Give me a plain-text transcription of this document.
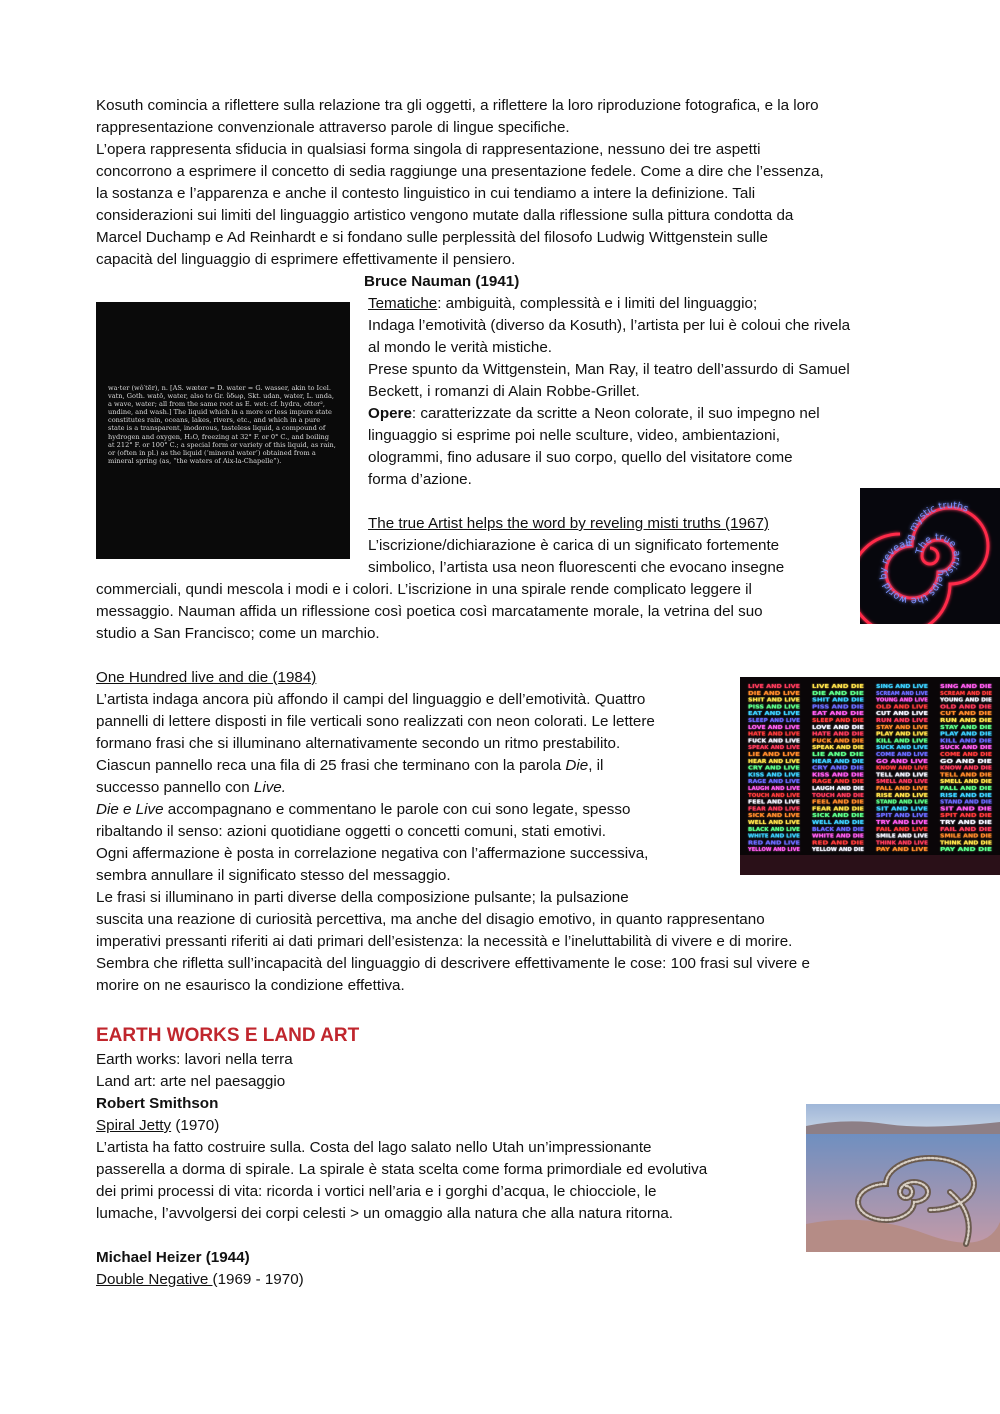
Kosuth comincia a riflettere sulla relazione tra gli oggetti, a riflettere la loro riproduzione fotografica, e la loro
rappresentazione convenzionale attraverso parole di lingue specifiche.
L’opera rappresenta sfiducia in qualsiasi forma singola di rappresentazione, nessuno dei tre aspetti
concorrono a esprimere il concetto di sedia raggiunge una presentazione fedele. Come a dire che l’essenza,
la sostanza e l’apparenza e anche il contesto linguistico in cui tendiamo a intere la definizione. Tali
considerazioni sui limiti del linguaggio artistico vengono mutate dalla riflessione sulla pittura condotta da
Marcel Duchamp e Ad Reinhardt e si fondano sulle perplessità del filosofo Ludwig Wittgenstein sulle
capacità del linguaggio di esprimere effettivamente il pensiero.
wa·ter (wô′tẽr), n. [AS. wæter = D. water = G. wasser, akin to Icel. vatn, Goth. watō, water, also to Gr. ὕδωρ, Skt. udan, water, L. unda, a wave, water; all from the same root as E. wet: cf. hydra, otter², undine, and wash.] The liquid which in a more or less impure state constitutes rain, oceans, lakes, rivers, etc., and which in a pure state is a transparent, inodorous, tasteless liquid, a compound of hydrogen and oxygen, H₂O, freezing at 32° F. or 0° C., and boiling at 212° F. or 100° C.; a special form or variety of this liquid, as rain, or (often in pl.) as the liquid (‘mineral water’) obtained from a mineral spring (as, “the waters of Aix-la-Chapelle”).
Bruce Nauman (1941)
Tematiche: ambiguità, complessità e i limiti del linguaggio;
Indaga l’emotività (diverso da Kosuth), l’artista per lui è coloui che rivela
al mondo le verità mistiche.
Prese spunto da Wittgenstein, Man Ray, il teatro dell’assurdo di Samuel
Beckett, i romanzi di Alain Robbe-Grillet.
Opere: caratterizzate da scritte a Neon colorate, il suo impegno nel
linguaggio si esprime poi nelle sculture, video, ambientazioni,
ologrammi, fino adusare il suo corpo, quello del visitatore come
forma d’azione.
The true Artist helps the word by reveling misti truths (1967)
L’iscrizione/dichiarazione è carica di un significato fortemente
simbolico, l’artista usa neon fluorescenti che evocano insegne
commerciali, qundi mescola i modi e i colori. L’iscrizione in una spirale rende complicato leggere il
messaggio. Nauman affida un riflessione così poetica così marcatamente morale, la vetrina del suo
studio a San Francisco; come un marchio.
The true artist helps the world by revealing mystic truths
One Hundred live and die (1984)
L’artista indaga ancora più affondo il campi del linguaggio e dell’emotività. Quattro
pannelli di lettere disposti in file verticali sono realizzati con neon colorati. Le lettere
formano frasi che si illuminano alternativamente secondo un ritmo prestabilito.
Ciascun pannello reca una fila di 25 frasi che terminano con la parola Die, il
successo pannello con Live.
Die e Live accompagnano e commentano le parole con cui sono legate, spesso
ribaltando il senso: azioni quotidiane oggetti o concetti comuni, stati emotivi.
Ogni affermazione è posta in correlazione negativa con l’affermazione successiva,
sembra annullare il significato stesso del messaggio.
Le frasi si illuminano in parti diverse della composizione pulsante; la pulsazione
suscita una reazione di curiosità percettiva, ma anche del disagio emotivo, in quanto rappresentano
imperativi pressanti riferiti ai dati primari dell’esistenza: la necessità e l’ineluttabilità di vivere e di morire.
Sembra che rifletta sull’incapacità del linguaggio di descrivere effettivamente le cose: 100 frasi sul vivere e
morire on ne esaurisco la condizione effettiva.
LIVE AND LIVE
DIE AND LIVE
SHIT AND LIVE
PISS AND LIVE
EAT AND LIVE
SLEEP AND LIVE
LOVE AND LIVE
HATE AND LIVE
FUCK AND LIVE
SPEAK AND LIVE
LIE AND LIVE
HEAR AND LIVE
CRY AND LIVE
KISS AND LIVE
RAGE AND LIVE
LAUGH AND LIVE
TOUCH AND LIVE
FEEL AND LIVE
FEAR AND LIVE
SICK AND LIVE
WELL AND LIVE
BLACK AND LIVE
WHITE AND LIVE
RED AND LIVE
YELLOW AND LIVE
LIVE AND DIE
DIE AND DIE
SHIT AND DIE
PISS AND DIE
EAT AND DIE
SLEEP AND DIE
LOVE AND DIE
HATE AND DIE
FUCK AND DIE
SPEAK AND DIE
LIE AND DIE
HEAR AND DIE
CRY AND DIE
KISS AND DIE
RAGE AND DIE
LAUGH AND DIE
TOUCH AND DIE
FEEL AND DIE
FEAR AND DIE
SICK AND DIE
WELL AND DIE
BLACK AND DIE
WHITE AND DIE
RED AND DIE
YELLOW AND DIE
SING AND LIVE
SCREAM AND LIVE
YOUNG AND LIVE
OLD AND LIVE
CUT AND LIVE
RUN AND LIVE
STAY AND LIVE
PLAY AND LIVE
KILL AND LIVE
SUCK AND LIVE
COME AND LIVE
GO AND LIVE
KNOW AND LIVE
TELL AND LIVE
SMELL AND LIVE
FALL AND LIVE
RISE AND LIVE
STAND AND LIVE
SIT AND LIVE
SPIT AND LIVE
TRY AND LIVE
FAIL AND LIVE
SMILE AND LIVE
THINK AND LIVE
PAY AND LIVE
SING AND DIE
SCREAM AND DIE
YOUNG AND DIE
OLD AND DIE
CUT AND DIE
RUN AND DIE
STAY AND DIE
PLAY AND DIE
KILL AND DIE
SUCK AND DIE
COME AND DIE
GO AND DIE
KNOW AND DIE
TELL AND DIE
SMELL AND DIE
FALL AND DIE
RISE AND DIE
STAND AND DIE
SIT AND DIE
SPIT AND DIE
TRY AND DIE
FAIL AND DIE
SMILE AND DIE
THINK AND DIE
PAY AND DIE
EARTH WORKS E LAND ART
Earth works: lavori nella terra
Land art: arte nel paesaggio
Robert Smithson
Spiral Jetty (1970)
L’artista ha fatto costruire sulla. Costa del lago salato nello Utah un’impressionante
passerella a dorma di spirale. La spirale è stata scelta come forma primordiale ed evolutiva
dei primi processi di vita: ricorda i vortici nell’aria e i gorghi d’acqua, le chiocciole, le
lumache, l’avvolgersi dei corpi celesti > un omaggio alla natura che alla natura ritorna.
Michael Heizer (1944)
Double Negative (1969 - 1970)
